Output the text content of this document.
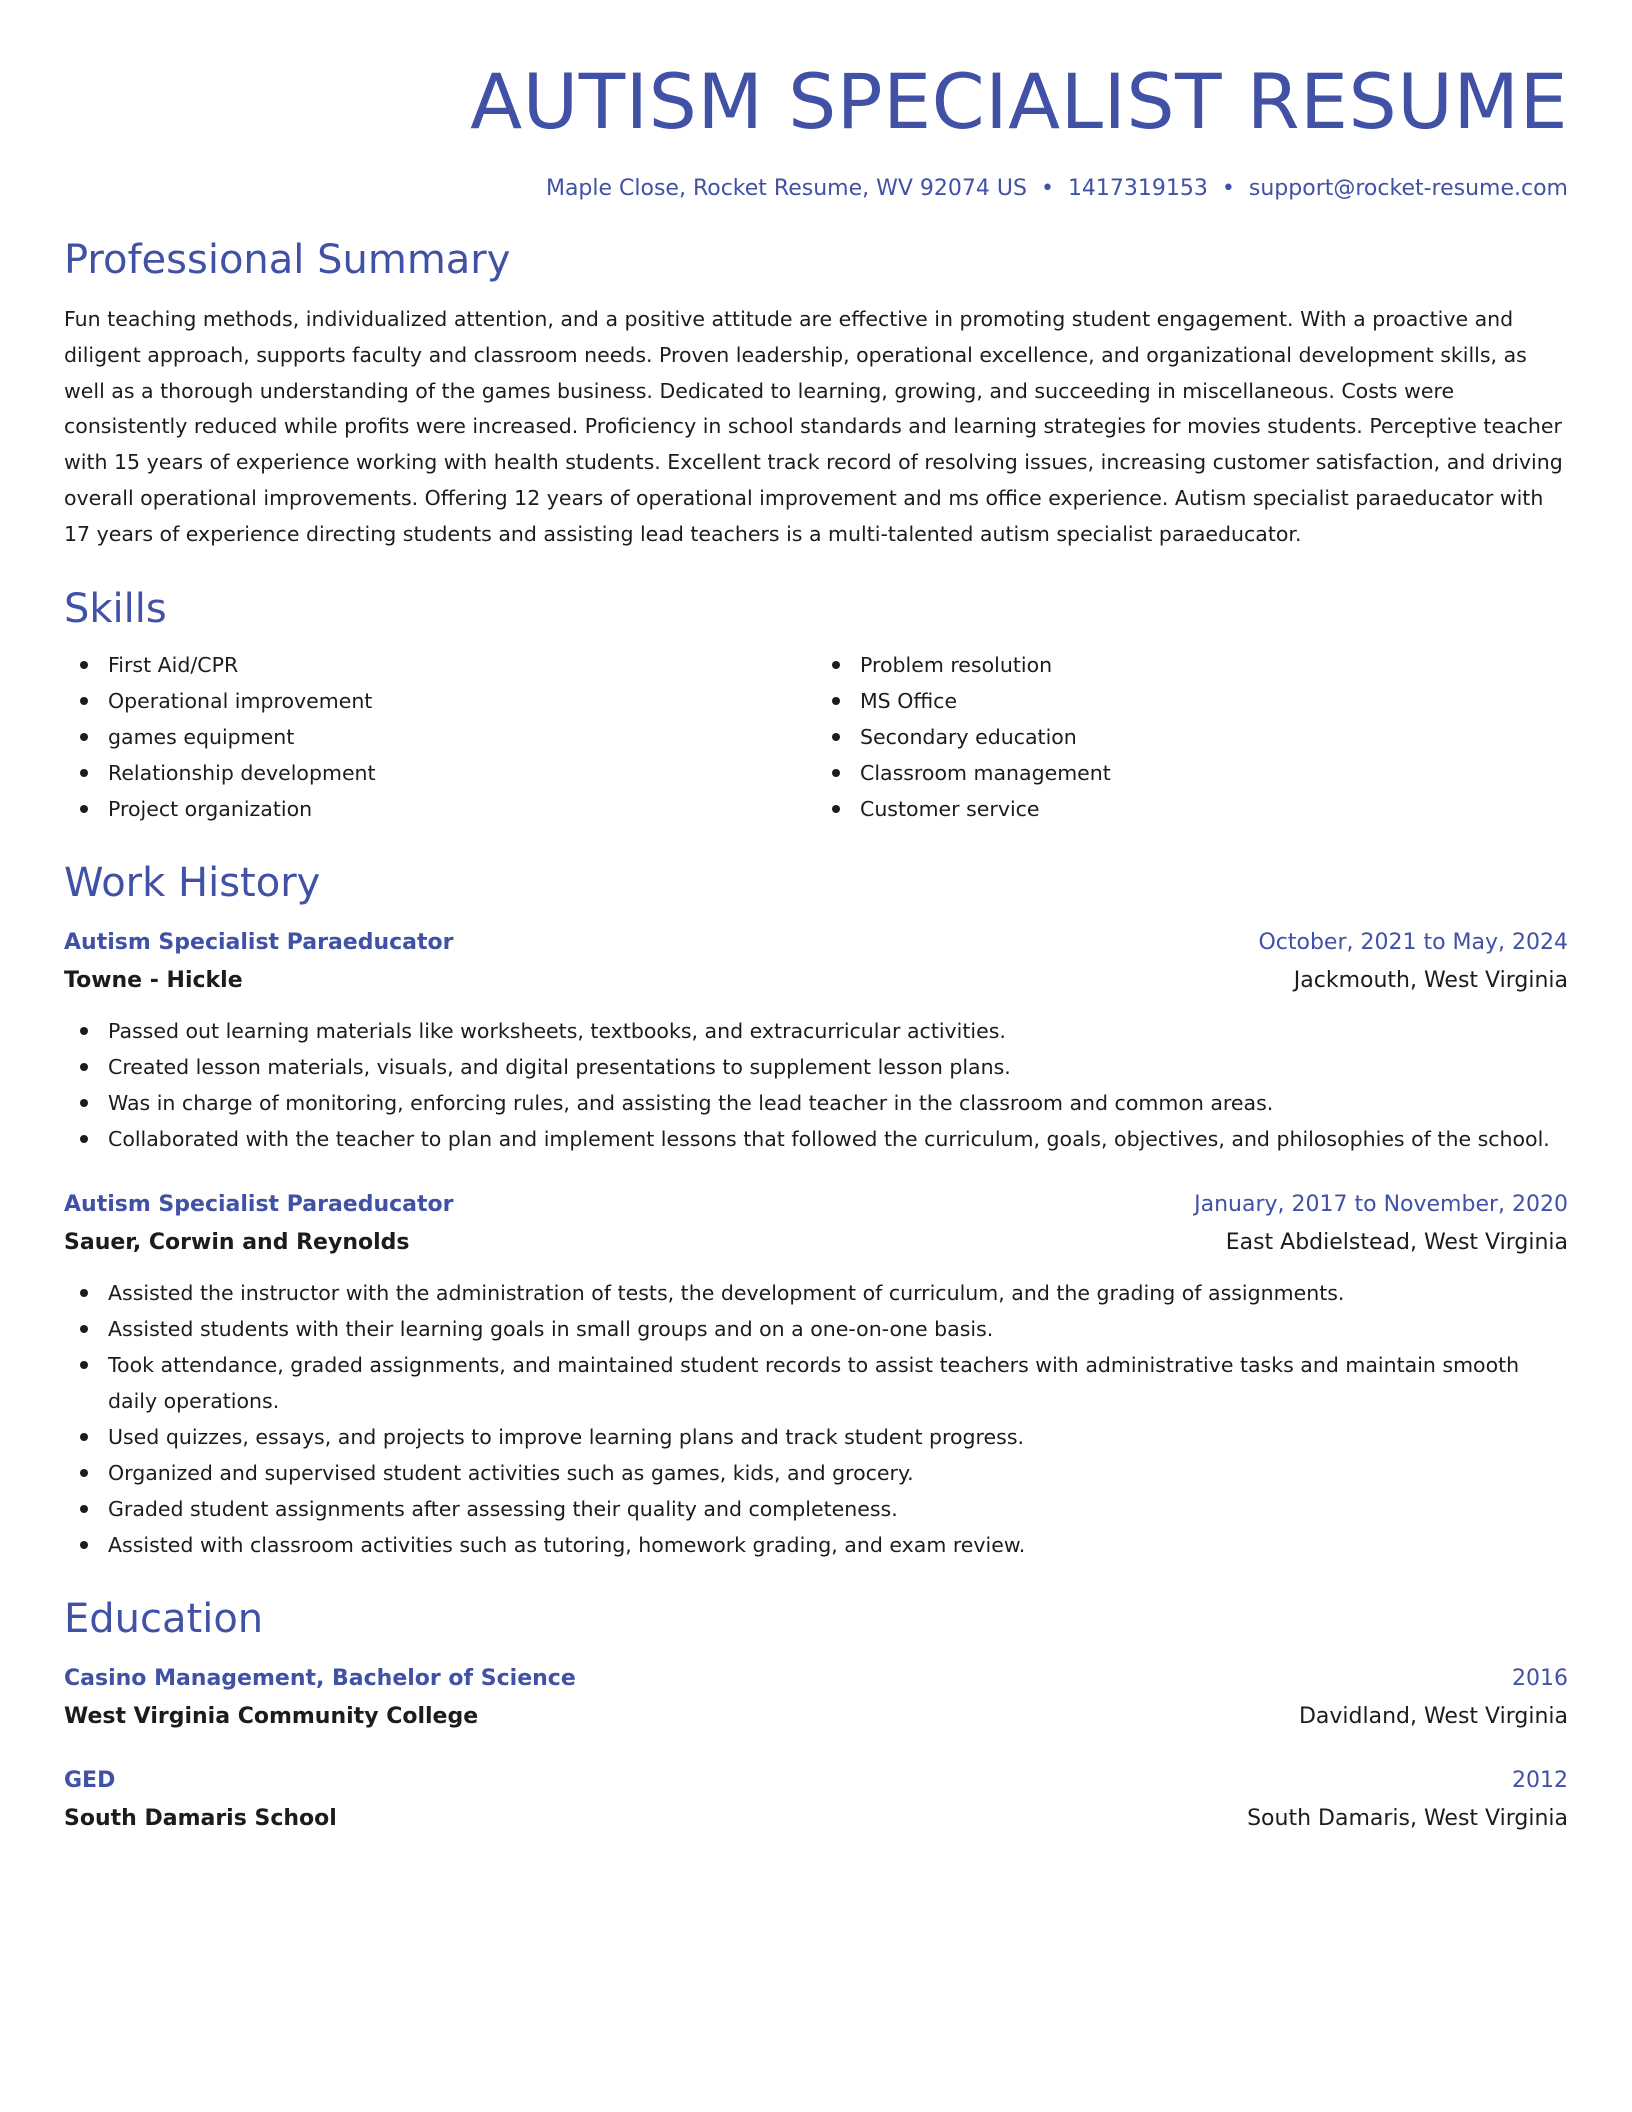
AUTISM SPECIALIST RESUME
Maple Close, Rocket Resume, WV 92074 US • 1417319153 • support@rocket-resume.com
Professional Summary

Fun teaching methods, individualized attention, and a positive attitude are effective in promoting student engagement. With a proactive and diligent approach, supports faculty and classroom needs. Proven leadership, operational excellence, and organizational development skills, as well as a thorough understanding of the games business. Dedicated to learning, growing, and succeeding in miscellaneous. Costs were consistently reduced while profits were increased. Proficiency in school standards and learning strategies for movies students. Perceptive teacher with 15 years of experience working with health students. Excellent track record of resolving issues, increasing customer satisfaction, and driving overall operational improvements. Offering 12 years of operational improvement and ms office experience. Autism specialist paraeducator with 17 years of experience directing students and assisting lead teachers is a multi-talented autism specialist paraeducator.

Skills
First Aid/CPR
Operational improvement
games equipment
Relationship development
Project organization
Problem resolution
MS Office
Secondary education
Classroom management
Customer service
Work History
Autism Specialist Paraeducator	October, 2021 to May, 2024
Towne - Hickle	Jackmouth, West Virginia
Passed out learning materials like worksheets, textbooks, and extracurricular activities.
Created lesson materials, visuals, and digital presentations to supplement lesson plans.
Was in charge of monitoring, enforcing rules, and assisting the lead teacher in the classroom and common areas.
Collaborated with the teacher to plan and implement lessons that followed the curriculum, goals, objectives, and philosophies of the school.
Autism Specialist Paraeducator	January, 2017 to November, 2020
Sauer, Corwin and Reynolds	East Abdielstead, West Virginia
Assisted the instructor with the administration of tests, the development of curriculum, and the grading of assignments.
Assisted students with their learning goals in small groups and on a one-on-one basis.
Took attendance, graded assignments, and maintained student records to assist teachers with administrative tasks and maintain smooth daily operations.
Used quizzes, essays, and projects to improve learning plans and track student progress.
Organized and supervised student activities such as games, kids, and grocery.
Graded student assignments after assessing their quality and completeness.
Assisted with classroom activities such as tutoring, homework grading, and exam review.
Education
Casino Management, Bachelor of Science	2016
West Virginia Community College	Davidland, West Virginia
GED	2012
South Damaris School	South Damaris, West Virginia
